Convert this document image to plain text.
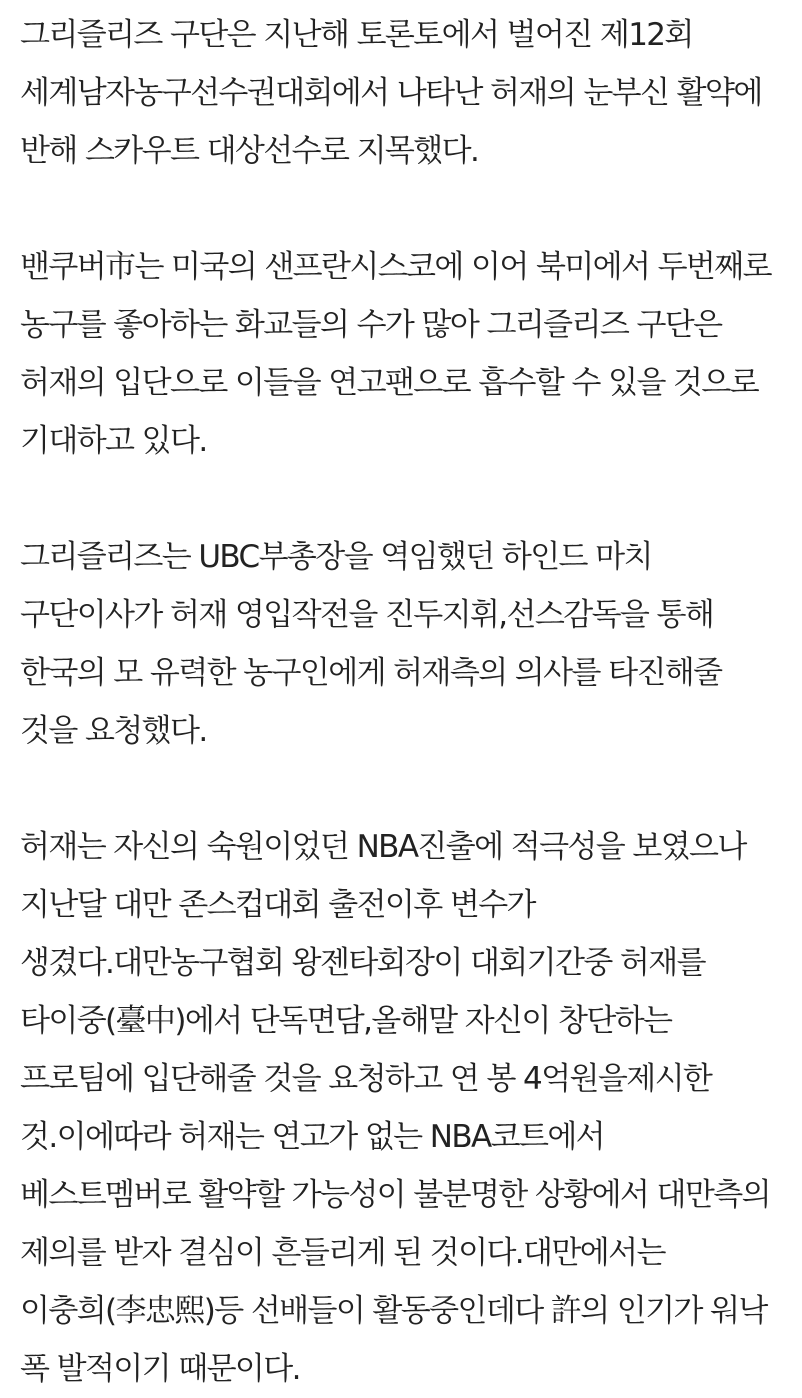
그리즐리즈 구단은 지난해 토론토에서 벌어진 제12회
세계남자농구선수권대회에서 나타난 허재의 눈부신 활약에
반해 스카우트 대상선수로 지목했다.
밴쿠버市는 미국의 샌프란시스코에 이어 북미에서 두번째로
농구를 좋아하는 화교들의 수가 많아 그리즐리즈 구단은
허재의 입단으로 이들을 연고팬으로 흡수할 수 있을 것으로
기대하고 있다.
그리즐리즈는 UBC부총장을 역임했던 하인드 마치
구단이사가 허재 영입작전을 진두지휘,선스감독을 통해
한국의 모 유력한 농구인에게 허재측의 의사를 타진해줄
것을 요청했다.
허재는 자신의 숙원이었던 NBA진출에 적극성을 보였으나
지난달 대만 존스컵대회 출전이후 변수가
생겼다.대만농구협회 왕젠타회장이 대회기간중 허재를
타이중(臺中)에서 단독면담,올해말 자신이 창단하는
프로팀에 입단해줄 것을 요청하고 연 봉 4억원을제시한
것.이에따라 허재는 연고가 없는 NBA코트에서
베스트멤버로 활약할 가능성이 불분명한 상황에서 대만측의
제의를 받자 결심이 흔들리게 된 것이다.대만에서는
이충희(李忠熙)등 선배들이 활동중인데다 許의 인기가 워낙
폭 발적이기 때문이다.
